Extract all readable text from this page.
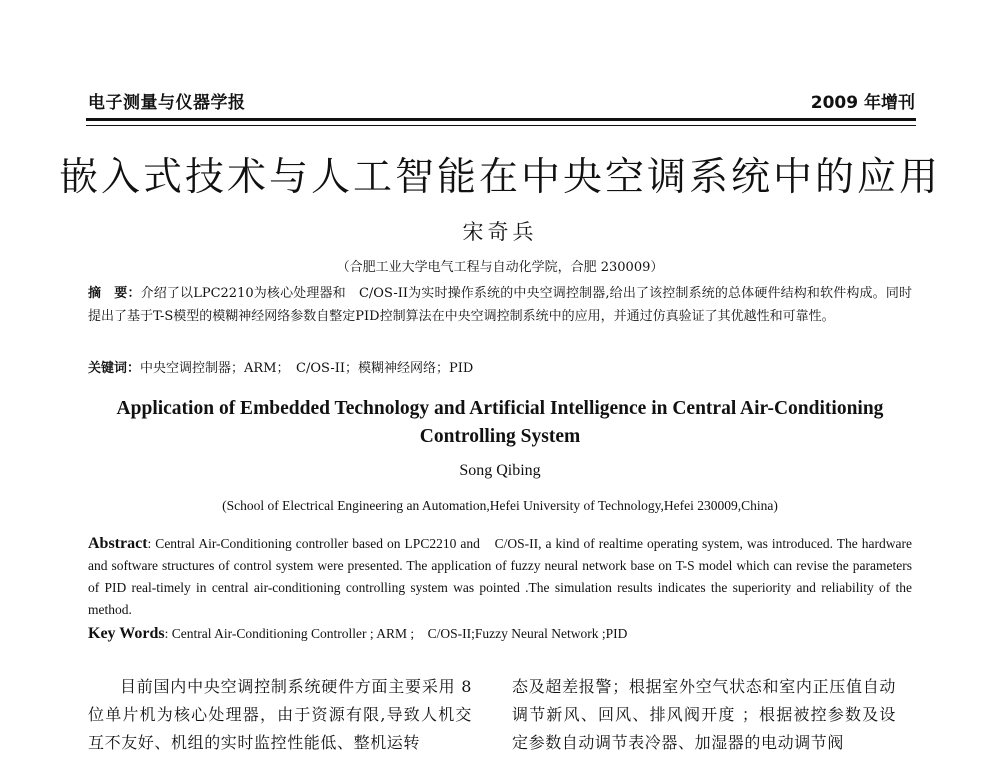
电子测量与仪器学报	2009 年增刊
嵌入式技术与人工智能在中央空调系统中的应用
宋奇兵
（合肥工业大学电气工程与自动化学院，合肥 230009）
摘　要：介绍了以LPC2210为核心处理器和　C/OS-II为实时操作系统的中央空调控制器,给出了该控制系统的总体硬件结构和软件构成。同时提出了基于T-S模型的模糊神经网络参数自整定PID控制算法在中央空调控制系统中的应用，并通过仿真验证了其优越性和可靠性。
关键词：中央空调控制器；ARM；　C/OS-II；模糊神经网络；PID
Application of Embedded Technology and Artificial Intelligence in Central Air-Conditioning Controlling System
Song Qibing
(School of Electrical Engineering an Automation,Hefei University of Technology,Hefei 230009,China)
Abstract: Central Air-Conditioning controller based on LPC2210 and　C/OS-II, a kind of realtime operating system, was introduced. The hardware and software structures of control system were presented. The application of fuzzy neural network base on T-S model which can revise the parameters of PID real-timely in central air-conditioning controlling system was pointed .The simulation results indicates the superiority and reliability of the method.
Key Words: Central Air-Conditioning Controller ; ARM ;　C/OS-II;Fuzzy Neural Network ;PID
目前国内中央空调控制系统硬件方面主要采用 8 位单片机为核心处理器，由于资源有限,导致人机交互不友好、机组的实时监控性能低、整机运转
态及超差报警；根据室外空气状态和室内正压值自动调节新风、回风、排风阀开度 ；根据被控参数及设定参数自动调节表冷器、加湿器的电动调节阀
